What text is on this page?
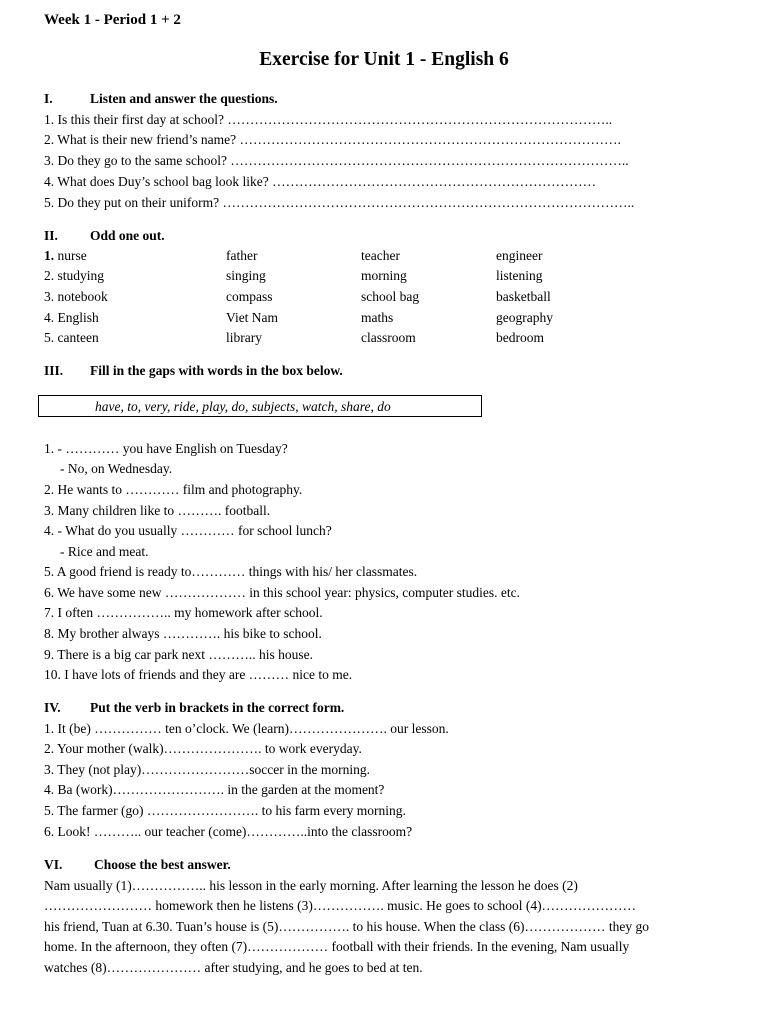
Week 1 - Period 1 + 2
Exercise for Unit 1 - English 6
I.	Listen and answer the questions.
1. Is this their first day at school? …………………………………………………………………………..
2. What is their new friend’s name? ………………………………………………………………………….
3. Do they go to the same school? ……………………………………………………………………………..
4. What does Duy’s school bag look like? ………………………………………………………………
5. Do they put on their uniform? ………………………………………………………………………………..
II. Odd one out.
1. nurse	father	teacher	engineer
2. studying	singing	morning	listening
3. notebook	compass	school bag	basketball
4. English	Viet Nam	maths	geography
5. canteen	library	classroom	bedroom
III. Fill in the gaps with words in the box below.
have, to, very, ride, play, do, subjects, watch, share, do
1. - ………… you have English on Tuesday?
- No, on Wednesday.
2. He wants to ………… film and photography.
3. Many children like to ………. football.
4. - What do you usually ………… for school lunch?
- Rice and meat.
5. A good friend is ready to………… things with his/ her classmates.
6. We have some new ……………… in this school year: physics, computer studies. etc.
7. I often …………….. my homework after school.
8. My brother always …………. his bike to school.
9. There is a big car park next ……….. his house.
10. I have lots of friends and they are ……… nice to me.
IV. Put the verb in brackets in the correct form.
1. It (be) …………… ten o’clock. We (learn)…………………. our lesson.
2. Your mother (walk)…………………. to work everyday.
3. They (not play)……………………soccer in the morning.
4. Ba (work)……………………. in the garden at the moment?
5. The farmer (go) ……………………. to his farm every morning.
6. Look! ……….. our teacher (come)…………..into the classroom?
VI. Choose the best answer.
Nam usually (1)…………….. his lesson in the early morning. After learning the lesson he does (2)
…………………… homework then he listens (3)……………. music. He goes to school (4)…………………
his friend, Tuan at 6.30. Tuan’s house is (5)……………. to his house. When the class (6)……………… they go
home. In the afternoon, they often (7)……………… football with their friends. In the evening, Nam usually
watches (8)………………… after studying, and he goes to bed at ten.
